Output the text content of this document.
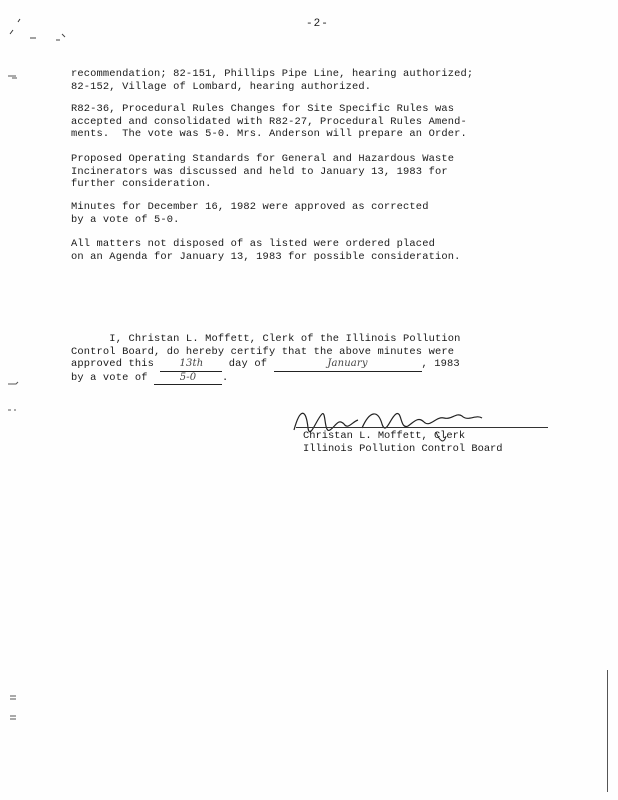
-2-
recommendation; 82-151, Phillips Pipe Line, hearing authorized;
82-152, Village of Lombard, hearing authorized.
R82-36, Procedural Rules Changes for Site Specific Rules was
accepted and consolidated with R82-27, Procedural Rules Amend-
ments.  The vote was 5-0. Mrs. Anderson will prepare an Order.
Proposed Operating Standards for General and Hazardous Waste
Incinerators was discussed and held to January 13, 1983 for
further consideration.
Minutes for December 16, 1982 were approved as corrected
by a vote of 5-0.
All matters not disposed of as listed were ordered placed
on an Agenda for January 13, 1983 for possible consideration.
I, Christan L. Moffett, Clerk of the Illinois Pollution
Control Board, do hereby certify that the above minutes were
approved this 13th day of	January	, 1983
by a vote of	5-0 .
Christan L. Moffett, Clerk
Illinois Pollution Control Board
